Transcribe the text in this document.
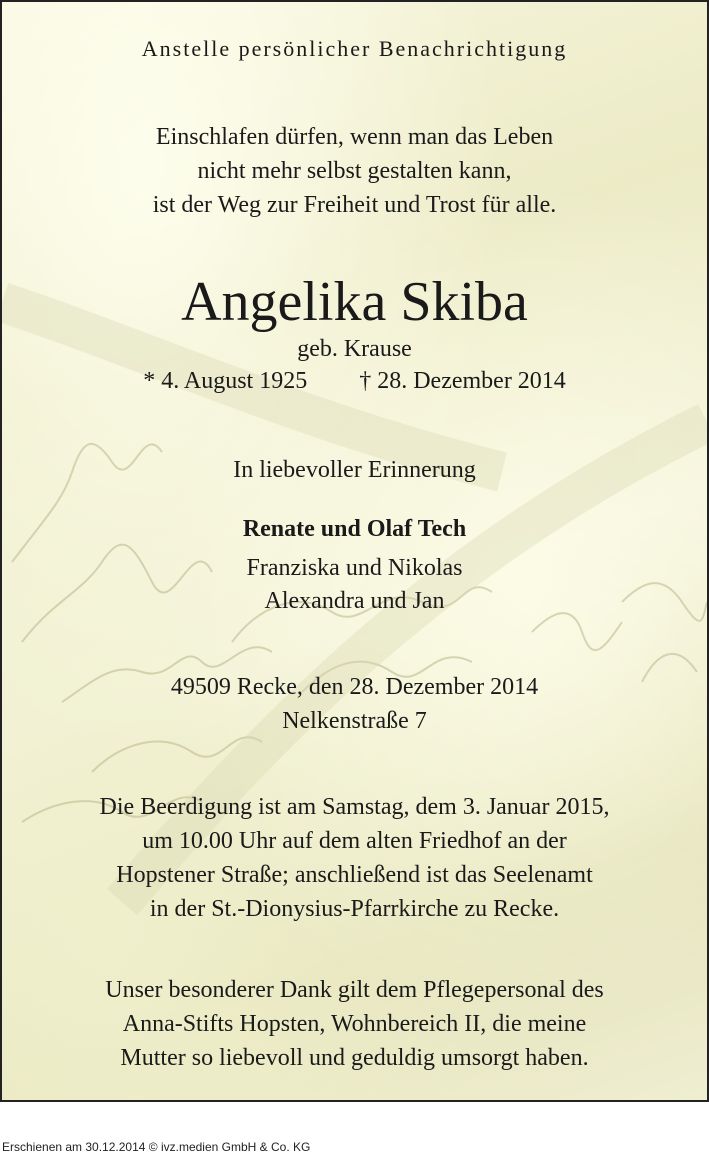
Anstelle persönlicher Benachrichtigung
Einschlafen dürfen, wenn man das Leben
nicht mehr selbst gestalten kann,
ist der Weg zur Freiheit und Trost für alle.
Angelika Skiba
geb. Krause
* 4. August 1925 † 28. Dezember 2014
In liebevoller Erinnerung
Renate und Olaf Tech
Franziska und Nikolas
Alexandra und Jan
49509 Recke, den 28. Dezember 2014
Nelkenstraße 7
Die Beerdigung ist am Samstag, dem 3. Januar 2015,
um 10.00 Uhr auf dem alten Friedhof an der
Hopstener Straße; anschließend ist das Seelenamt
in der St.-Dionysius-Pfarrkirche zu Recke.
Unser besonderer Dank gilt dem Pflegepersonal des
Anna-Stifts Hopsten, Wohnbereich II, die meine
Mutter so liebevoll und geduldig umsorgt haben.
Erschienen am 30.12.2014 © ivz.medien GmbH & Co. KG
